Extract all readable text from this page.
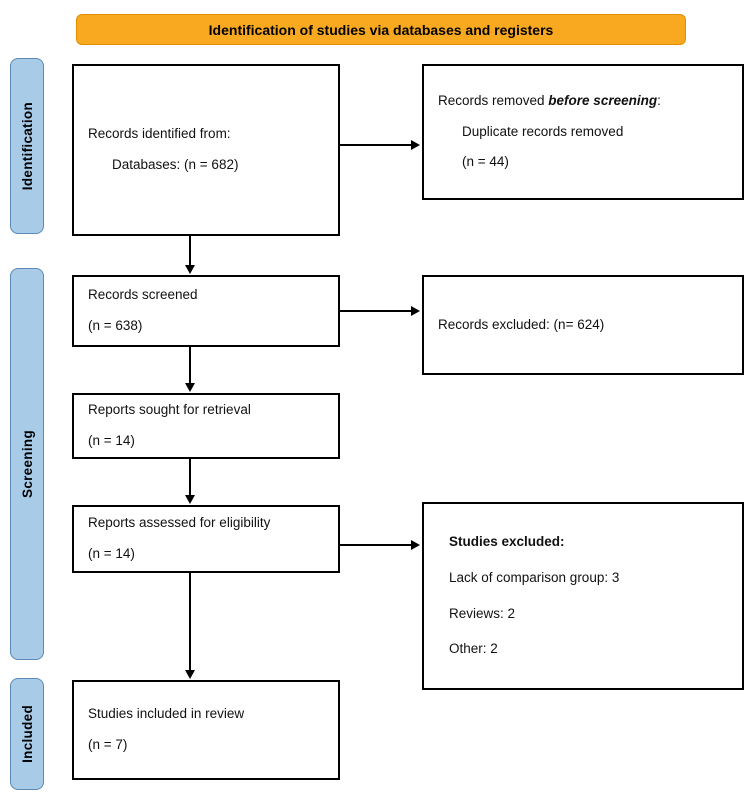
Identification of studies via databases and registers
Identification
Screening
Included
Records identified from:
Databases: (n = 682)
Records screened
(n = 638)
Reports sought for retrieval
(n = 14)
Reports assessed for eligibility
(n = 14)
Studies included in review
(n = 7)
Records removed before screening:
Duplicate records removed
(n = 44)
Records excluded: (n= 624)
Studies excluded:
Lack of comparison group: 3
Reviews: 2
Other: 2
